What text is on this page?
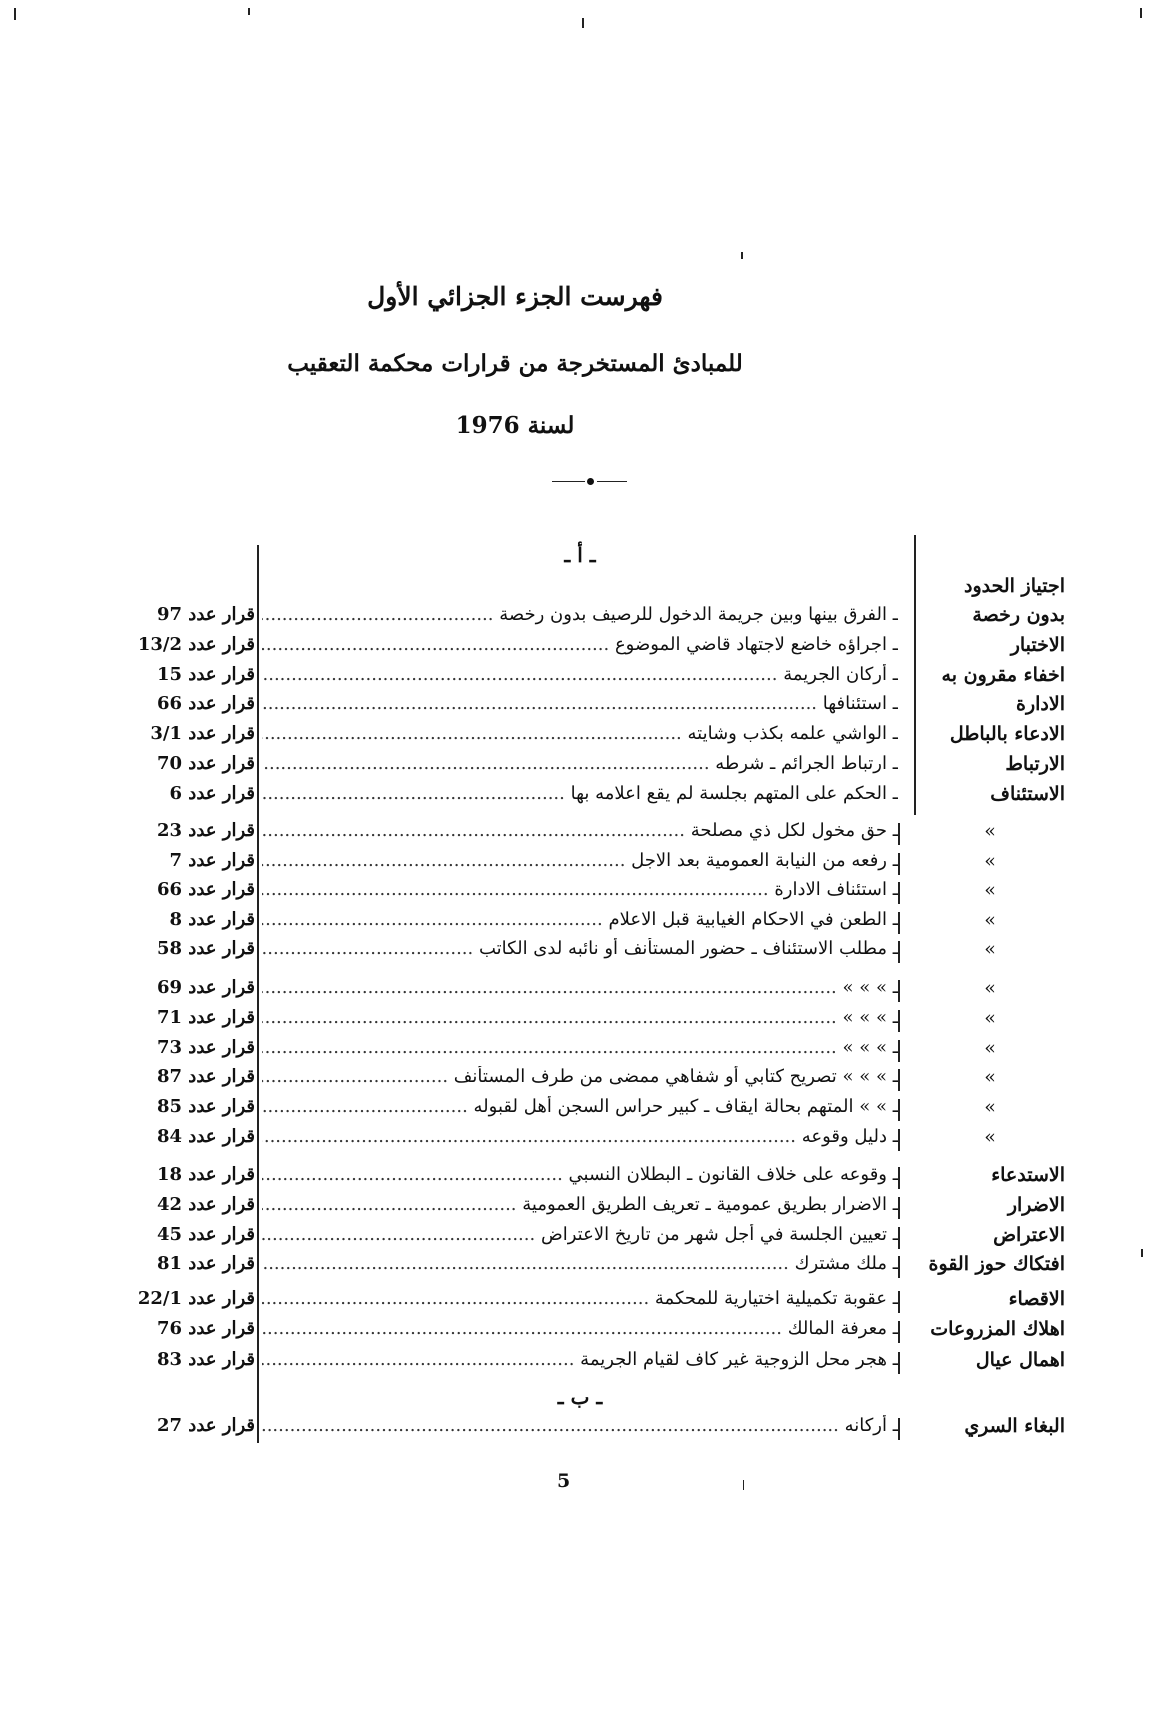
فهرست الجزء الجزائي الأول
للمبادئ المستخرجة من قرارات محكمة التعقيب
لسنة 1976
ـ أ ـ
ـ ب ـ
اجتياز الحدود
بدون رخصة
ـ الفرق بينها وبين جريمة الدخول للرصيف بدون رخصة .....
قرار عدد 97
الاختبار
ـ اجراؤه خاضع لاجتهاد قاضي الموضوع .....
قرار عدد 13/2
اخفاء مقرون به
ـ أركان الجريمة .....
قرار عدد 15
الادارة
ـ استئنافها .....
قرار عدد 66
الادعاء بالباطل
ـ الواشي علمه بكذب وشايته .....
قرار عدد 3/1
الارتباط
ـ ارتباط الجرائم ـ شرطه .....
قرار عدد 70
الاستئناف
ـ الحكم على المتهم بجلسة لم يقع اعلامه بها .....
قرار عدد 6
»
ـ حق مخول لكل ذي مصلحة .....
قرار عدد 23
»
ـ رفعه من النيابة العمومية بعد الاجل .....
قرار عدد 7
»
ـ استئناف الادارة .....
قرار عدد 66
»
ـ الطعن في الاحكام الغيابية قبل الاعلام .....
قرار عدد 8
»
ـ مطلب الاستئناف ـ حضور المستأنف أو نائبه لدى الكاتب .....
قرار عدد 58
»
ـ » » » .....
قرار عدد 69
»
ـ » » » .....
قرار عدد 71
»
ـ » » » .....
قرار عدد 73
»
ـ » » » تصريح كتابي أو شفاهي ممضى من طرف المستأنف .....
قرار عدد 87
»
ـ » » المتهم بحالة ايقاف ـ كبير حراس السجن أهل لقبوله .....
قرار عدد 85
»
ـ دليل وقوعه .....
قرار عدد 84
الاستدعاء
ـ وقوعه على خلاف القانون ـ البطلان النسبي .....
قرار عدد 18
الاضرار
ـ الاضرار بطريق عمومية ـ تعريف الطريق العمومية .....
قرار عدد 42
الاعتراض
ـ تعيين الجلسة في أجل شهر من تاريخ الاعتراض .....
قرار عدد 45
افتكاك حوز القوة
ـ ملك مشترك .....
قرار عدد 81
الاقصاء
ـ عقوبة تكميلية اختيارية للمحكمة .....
قرار عدد 22/1
اهلاك المزروعات
ـ معرفة المالك .....
قرار عدد 76
اهمال عيال
ـ هجر محل الزوجية غير كاف لقيام الجريمة .....
قرار عدد 83
البغاء السري
ـ أركانه .....
قرار عدد 27
5
